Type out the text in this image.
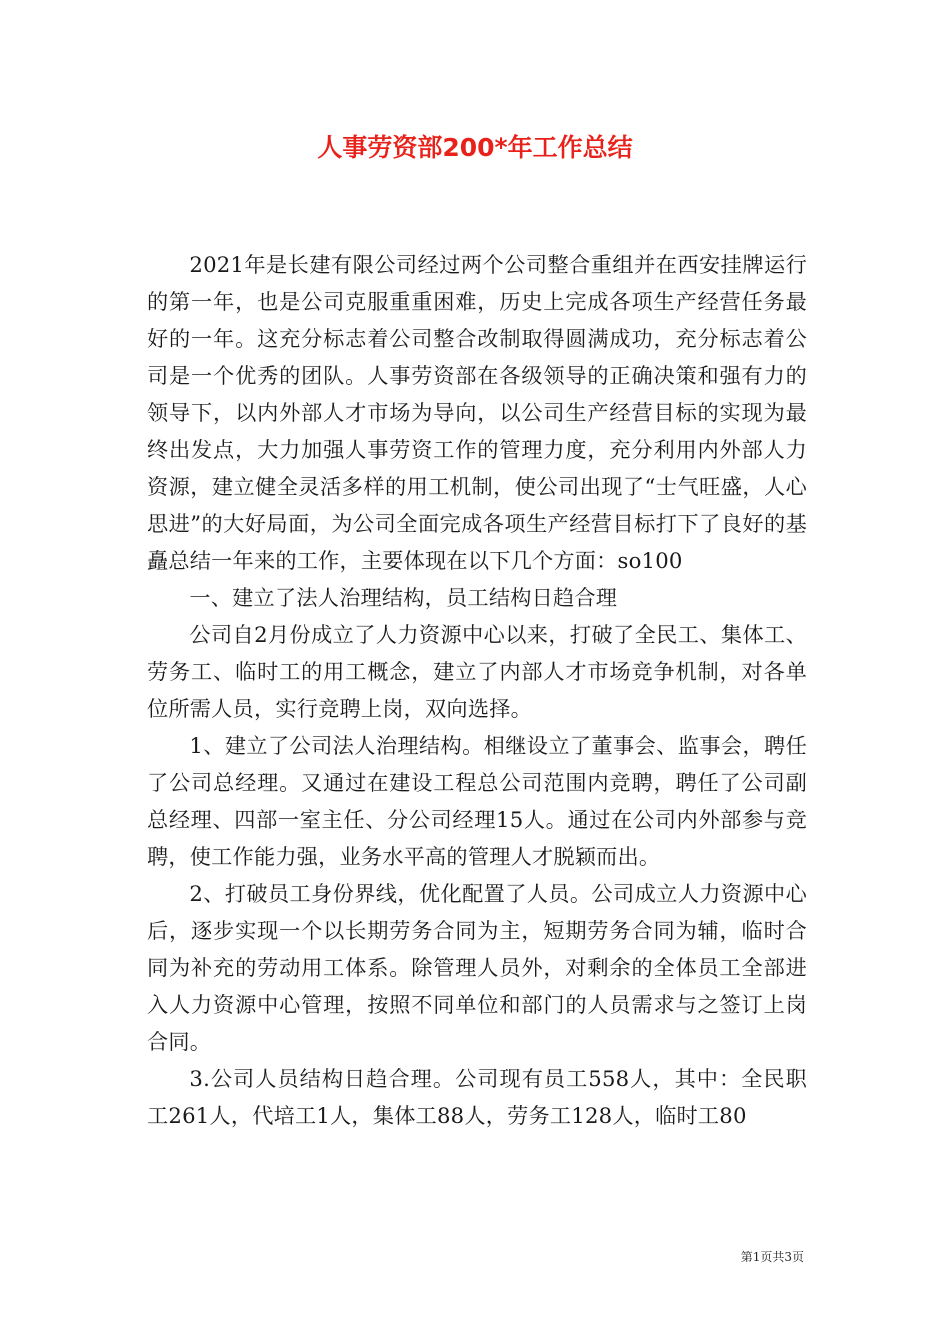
人事劳资部200*年工作总结

2021年是长建有限公司经过两个公司整合重组并在西安挂牌运行的第一年，也是公司克服重重困难，历史上完成各项生产经营任务最好的一年。这充分标志着公司整合改制取得圆满成功，充分标志着公司是一个优秀的团队。人事劳资部在各级领导的正确决策和强有力的领导下，以内外部人才市场为导向，以公司生产经营目标的实现为最终出发点，大力加强人事劳资工作的管理力度，充分利用内外部人力资源，建立健全灵活多样的用工机制，使公司出现了“士气旺盛，人心思进”的大好局面，为公司全面完成各项生产经营目标打下了良好的基矗总结一年来的工作，主要体现在以下几个方面：so100

一、建立了法人治理结构，员工结构日趋合理

公司自2月份成立了人力资源中心以来，打破了全民工、集体工、劳务工、临时工的用工概念，建立了内部人才市场竞争机制，对各单位所需人员，实行竞聘上岗，双向选择。

1、建立了公司法人治理结构。相继设立了董事会、监事会，聘任了公司总经理。又通过在建设工程总公司范围内竞聘，聘任了公司副总经理、四部一室主任、分公司经理15人。通过在公司内外部参与竞聘，使工作能力强，业务水平高的管理人才脱颖而出。

2、打破员工身份界线，优化配置了人员。公司成立人力资源中心后，逐步实现一个以长期劳务合同为主，短期劳务合同为辅，临时合同为补充的劳动用工体系。除管理人员外，对剩余的全体员工全部进入人力资源中心管理，按照不同单位和部门的人员需求与之签订上岗合同。

3.公司人员结构日趋合理。公司现有员工558人，其中：全民职工261人，代培工1人，集体工88人，劳务工128人，临时工80

第1页共3页
